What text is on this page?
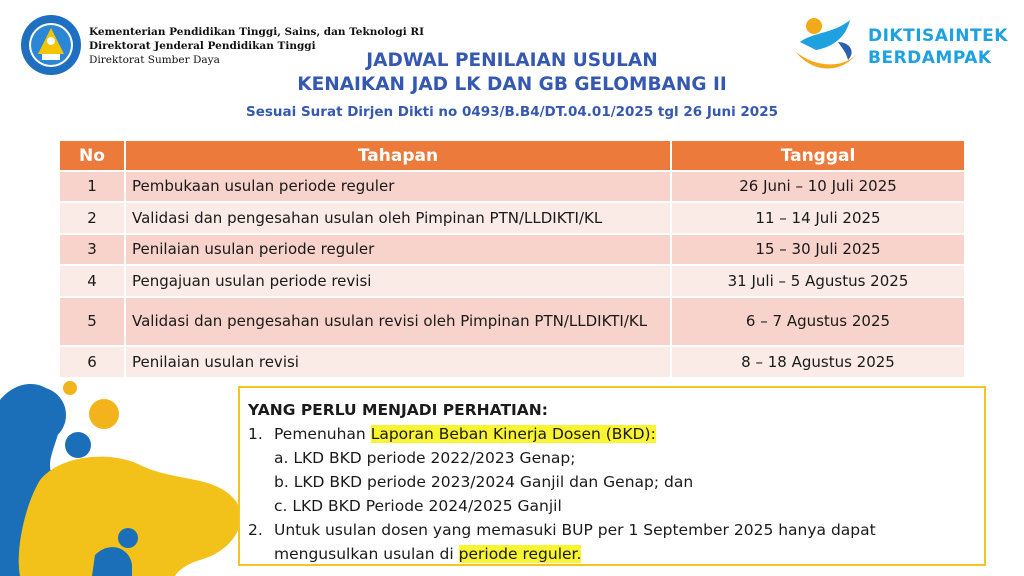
Kementerian Pendidikan Tinggi, Sains, dan Teknologi RI
Direktorat Jenderal Pendidikan Tinggi
Direktorat Sumber Daya	JADWAL PENILAIAN USULAN
KENAIKAN JAD LK DAN GB GELOMBANG II
Sesuai Surat Dirjen Dikti no 0493/B.B4/DT.04.01/2025 tgl 26 Juni 2025
DIKTISAINTEK
BERDAMPAK
No	Tahapan	Tanggal
1	Pembukaan usulan periode reguler	26 Juni – 10 Juli 2025
2	Validasi dan pengesahan usulan oleh Pimpinan PTN/LLDIKTI/KL	11 – 14 Juli 2025
3	Penilaian usulan periode reguler	15 – 30 Juli 2025
4	Pengajuan usulan periode revisi	31 Juli – 5 Agustus 2025
5	Validasi dan pengesahan usulan revisi oleh Pimpinan PTN/LLDIKTI/KL	6 – 7 Agustus 2025
6	Penilaian usulan revisi	8 – 18 Agustus 2025
YANG PERLU MENJADI PERHATIAN:
1. Pemenuhan Laporan Beban Kinerja Dosen (BKD):
a. LKD BKD periode 2022/2023 Genap;
b. LKD BKD periode 2023/2024 Ganjil dan Genap; dan
c. LKD BKD Periode 2024/2025 Ganjil
2. Untuk usulan dosen yang memasuki BUP per 1 September 2025 hanya dapat
mengusulkan usulan di periode reguler.
